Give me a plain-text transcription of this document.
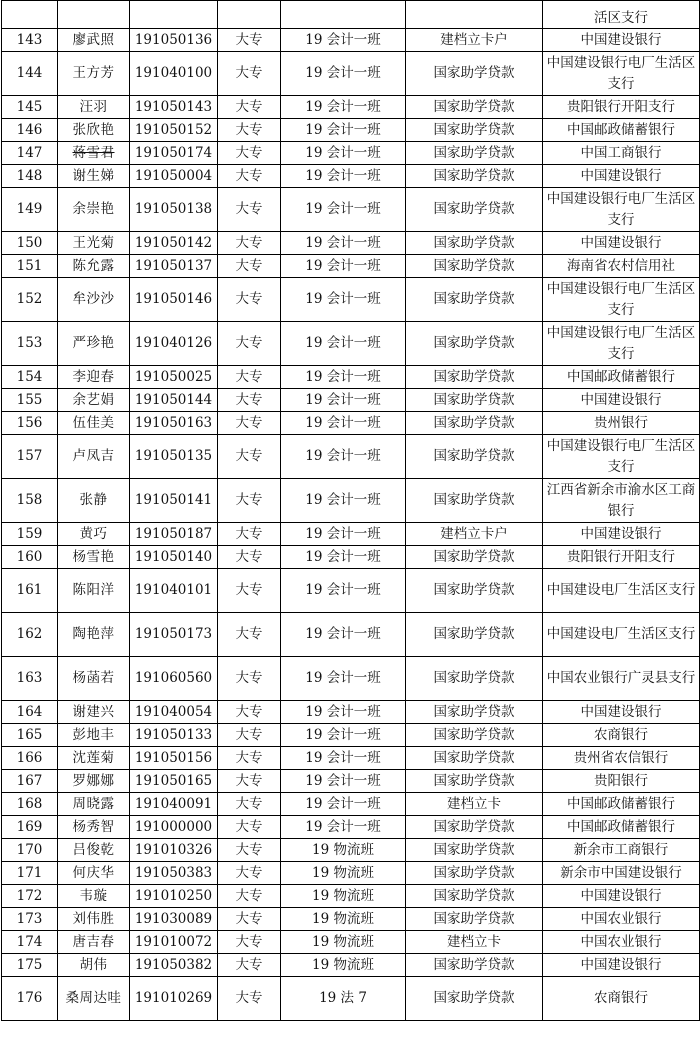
						活区支行
143	廖武照	191050136	大专	19 会计一班	建档立卡户	中国建设银行
144	王方芳	191040100	大专	19 会计一班	国家助学贷款	中国建设银行电厂生活区支行
145	汪羽	191050143	大专	19 会计一班	国家助学贷款	贵阳银行开阳支行
146	张欣艳	191050152	大专	19 会计一班	国家助学贷款	中国邮政储蓄银行
147	蒋雪君	191050174	大专	19 会计一班	国家助学贷款	中国工商银行
148	谢生娣	191050004	大专	19 会计一班	国家助学贷款	中国建设银行
149	余崇艳	191050138	大专	19 会计一班	国家助学贷款	中国建设银行电厂生活区支行
150	王光菊	191050142	大专	19 会计一班	国家助学贷款	中国建设银行
151	陈允露	191050137	大专	19 会计一班	国家助学贷款	海南省农村信用社
152	牟沙沙	191050146	大专	19 会计一班	国家助学贷款	中国建设银行电厂生活区支行
153	严珍艳	191040126	大专	19 会计一班	国家助学贷款	中国建设银行电厂生活区支行
154	李迎春	191050025	大专	19 会计一班	国家助学贷款	中国邮政储蓄银行
155	余艺娟	191050144	大专	19 会计一班	国家助学贷款	中国建设银行
156	伍佳美	191050163	大专	19 会计一班	国家助学贷款	贵州银行
157	卢凤吉	191050135	大专	19 会计一班	国家助学贷款	中国建设银行电厂生活区支行
158	张静	191050141	大专	19 会计一班	国家助学贷款	江西省新余市渝水区工商银行
159	黄巧	191050187	大专	19 会计一班	建档立卡户	中国建设银行
160	杨雪艳	191050140	大专	19 会计一班	国家助学贷款	贵阳银行开阳支行
161	陈阳洋	191040101	大专	19 会计一班	国家助学贷款	中国建设电厂生活区支行
162	陶艳萍	191050173	大专	19 会计一班	国家助学贷款	中国建设电厂生活区支行
163	杨菡若	191060560	大专	19 会计一班	国家助学贷款	中国农业银行广灵县支行
164	谢建兴	191040054	大专	19 会计一班	国家助学贷款	中国建设银行
165	彭地丰	191050133	大专	19 会计一班	国家助学贷款	农商银行
166	沈莲菊	191050156	大专	19 会计一班	国家助学贷款	贵州省农信银行
167	罗娜娜	191050165	大专	19 会计一班	国家助学贷款	贵阳银行
168	周晓露	191040091	大专	19 会计一班	建档立卡	中国邮政储蓄银行
169	杨秀智	191000000	大专	19 会计一班	国家助学贷款	中国邮政储蓄银行
170	吕俊乾	191010326	大专	19 物流班	国家助学贷款	新余市工商银行
171	何庆华	191050383	大专	19 物流班	国家助学贷款	新余市中国建设银行
172	韦璇	191010250	大专	19 物流班	国家助学贷款	中国建设银行
173	刘伟胜	191030089	大专	19 物流班	国家助学贷款	中国农业银行
174	唐吉春	191010072	大专	19 物流班	建档立卡	中国农业银行
175	胡伟	191050382	大专	19 物流班	国家助学贷款	中国建设银行
176	桑周达哇	191010269	大专	19 法 7	国家助学贷款	农商银行
